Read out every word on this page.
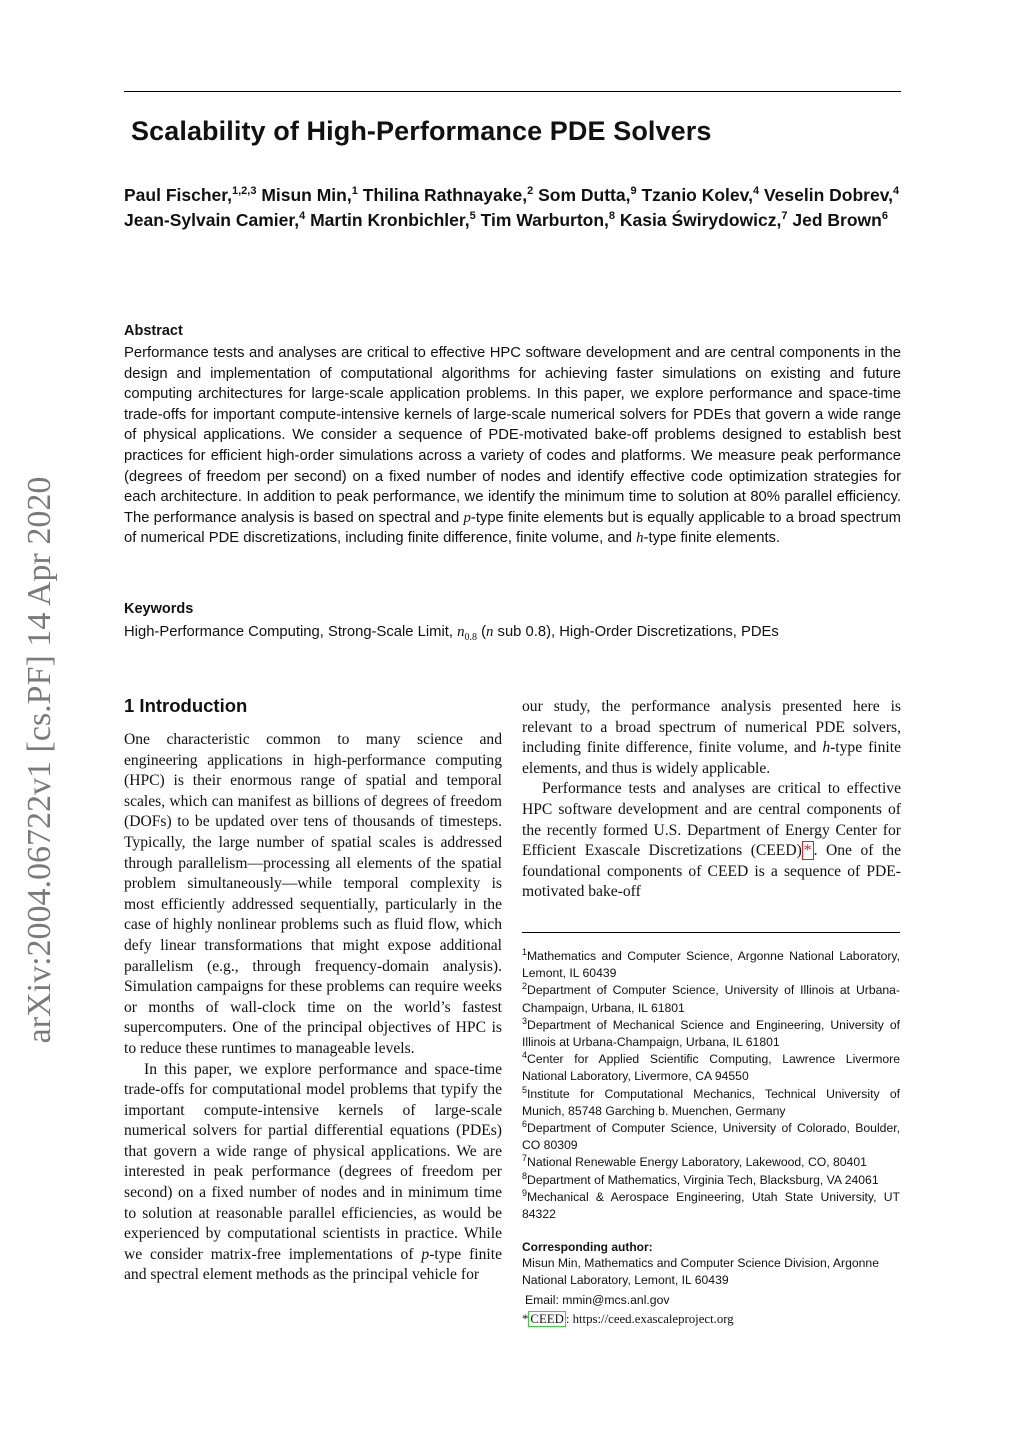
Scalability of High-Performance PDE Solvers
Paul Fischer,$^{1,2,3}$ Misun Min,$^1$ Thilina Rathnayake,$^2$ Som Dutta,$^9$ Tzanio Kolev,$^4$ Veselin Dobrev,$^4$ Jean-Sylvain Camier,$^4$ Martin Kronbichler,$^5$ Tim Warburton,$^8$ Kasia Świrydowicz,$^7$ Jed Brown$^6$
Abstract

Performance tests and analyses are critical to effective HPC software development and are central components in the design and implementation of computational algorithms for achieving faster simulations on existing and future computing architectures for large-scale application problems. In this paper, we explore performance and space-time trade-offs for important compute-intensive kernels of large-scale numerical solvers for PDEs that govern a wide range of physical applications. We consider a sequence of PDE-motivated bake-off problems designed to establish best practices for efficient high-order simulations across a variety of codes and platforms. We measure peak performance (degrees of freedom per second) on a fixed number of nodes and identify effective code optimization strategies for each architecture. In addition to peak performance, we identify the minimum time to solution at 80% parallel efficiency. The performance analysis is based on spectral and p-type finite elements but is equally applicable to a broad spectrum of numerical PDE discretizations, including finite difference, finite volume, and h-type finite elements.

Keywords
High-Performance Computing, Strong-Scale Limit, $n_{0.8}$ (n sub 0.8), High-Order Discretizations, PDEs
arXiv:2004.06722v1 [cs.PF] 14 Apr 2020	1 Introduction

One characteristic common to many science and engineering applications in high-performance computing (HPC) is their enormous range of spatial and temporal scales, which can manifest as billions of degrees of freedom (DOFs) to be updated over tens of thousands of timesteps. Typically, the large number of spatial scales is addressed through parallelism—processing all elements of the spatial problem simultaneously—while temporal complexity is most efficiently addressed sequentially, particularly in the case of highly nonlinear problems such as fluid flow, which defy linear transformations that might expose additional parallelism (e.g., through frequency-domain analysis). Simulation campaigns for these problems can require weeks or months of wall-clock time on the world’s fastest supercomputers. One of the principal objectives of HPC is to reduce these runtimes to manageable levels.

In this paper, we explore performance and space-time trade-offs for computational model problems that typify the important compute-intensive kernels of large-scale numerical solvers for partial differential equations (PDEs) that govern a wide range of physical applications. We are interested in peak performance (degrees of freedom per second) on a fixed number of nodes and in minimum time to solution at reasonable parallel efficiencies, as would be experienced by computational scientists in practice. While we consider matrix-free implementations of p-type finite and spectral element methods as the principal vehicle for

our study, the performance analysis presented here is relevant to a broad spectrum of numerical PDE solvers, including finite difference, finite volume, and h-type finite elements, and thus is widely applicable.

Performance tests and analyses are critical to effective HPC software development and are central components of the recently formed U.S. Department of Energy Center for Efficient Exascale Discretizations (CEED) * . One of the foundational components of CEED is a sequence of PDE-motivated bake-off

$^1$Mathematics and Computer Science, Argonne National Laboratory, Lemont, IL 60439
$^2$Department of Computer Science, University of Illinois at Urbana-Champaign, Urbana, IL 61801
$^3$Department of Mechanical Science and Engineering, University of Illinois at Urbana-Champaign, Urbana, IL 61801
$^4$Center for Applied Scientific Computing, Lawrence Livermore National Laboratory, Livermore, CA 94550
$^5$Institute for Computational Mechanics, Technical University of Munich, 85748 Garching b. Muenchen, Germany
$^6$Department of Computer Science, University of Colorado, Boulder, CO 80309
$^7$National Renewable Energy Laboratory, Lakewood, CO, 80401
$^8$Department of Mathematics, Virginia Tech, Blacksburg, VA 24061
$^9$Mechanical & Aerospace Engineering, Utah State University, UT 84322
Corresponding author:
Misun Min, Mathematics and Computer Science Division, Argonne National Laboratory, Lemont, IL 60439
Email: mmin@mcs.anl.gov
* CEED : https://ceed.exascaleproject.org
